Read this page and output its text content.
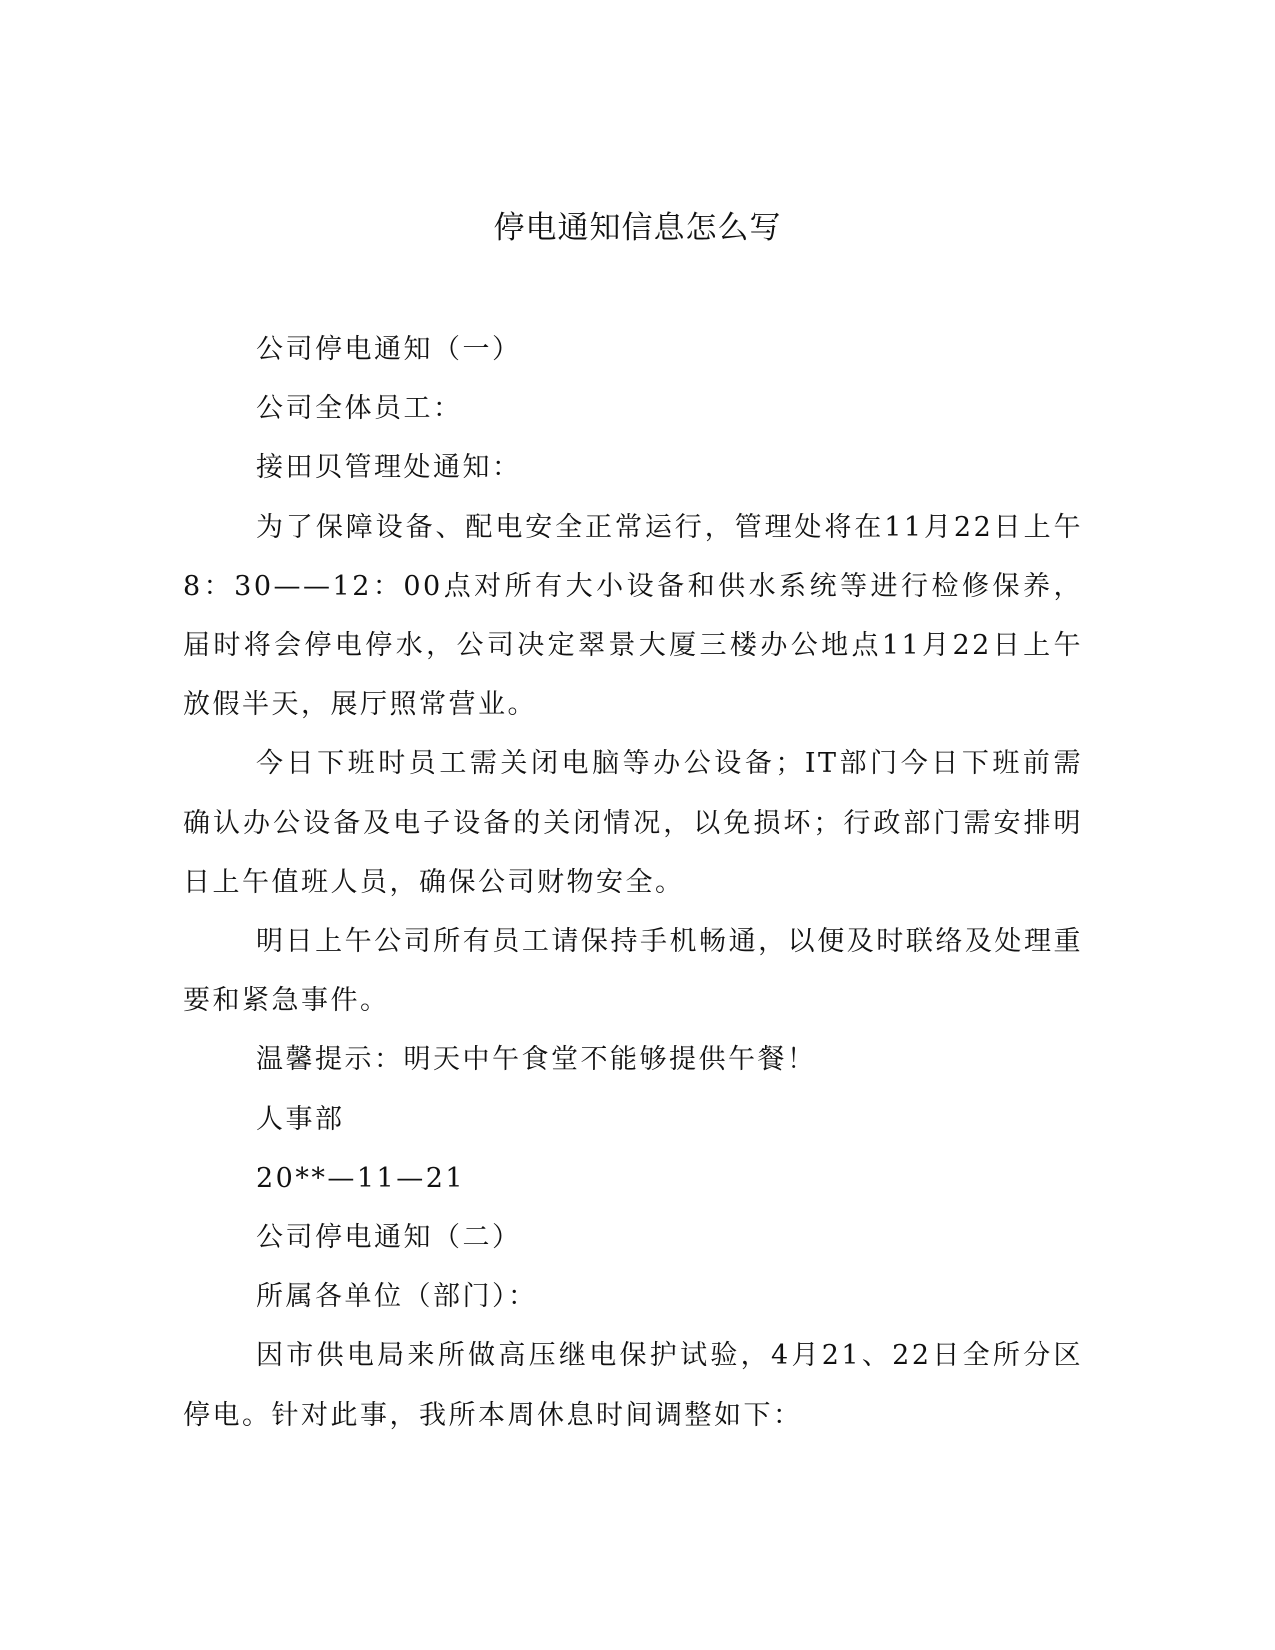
停电通知信息怎么写

公司停电通知（一）

公司全体员工：

接田贝管理处通知：

为了保障设备、配电安全正常运行，管理处将在11月22日上午8：30——12：00点对所有大小设备和供水系统等进行检修保养，届时将会停电停水，公司决定翠景大厦三楼办公地点11月22日上午放假半天，展厅照常营业。

今日下班时员工需关闭电脑等办公设备；IT部门今日下班前需确认办公设备及电子设备的关闭情况，以免损坏；行政部门需安排明日上午值班人员，确保公司财物安全。

明日上午公司所有员工请保持手机畅通，以便及时联络及处理重要和紧急事件。

温馨提示：明天中午食堂不能够提供午餐！

人事部

20**—11—21

公司停电通知（二）

所属各单位（部门）：

因市供电局来所做高压继电保护试验，4月21、22日全所分区停电。针对此事，我所本周休息时间调整如下：
